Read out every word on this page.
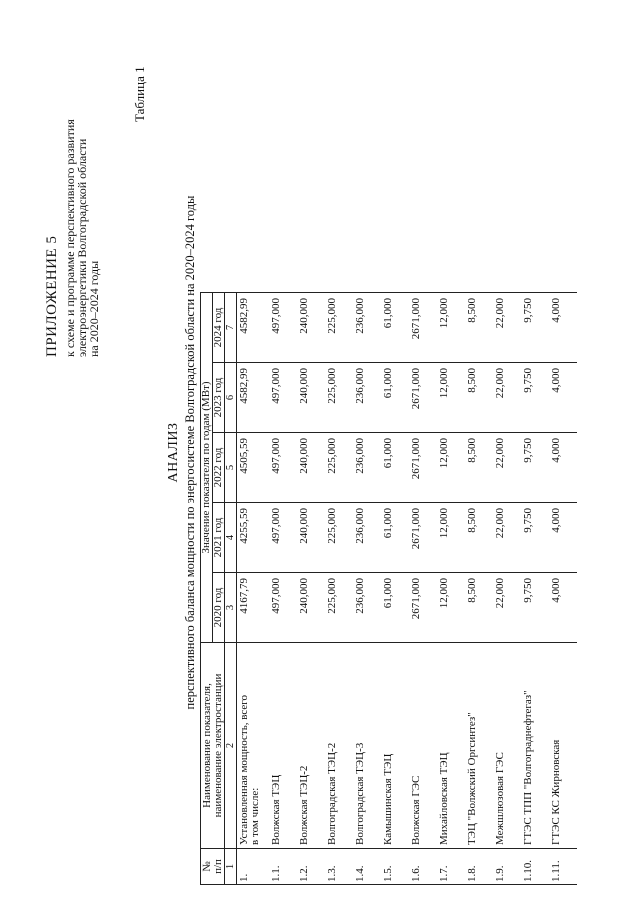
ПРИЛОЖЕНИЕ 5 к схеме и программе перспективного развития
электроэнергетики Волгоградской области
на 2020–2024 годы
Таблица 1
АНАЛИЗ перспективного баланса мощности по энергосистеме Волгоградской области на 2020–2024 годы
№
п/п	Наименование показателя,
наименование электростанции	Значение показателя по годам (МВт)				
		2020 год	2021 год	2022 год	2023 год	2024 год
1	2	3	4	5	6	7
1.	Установленная мощность, всего
в том числе:	4167,79	4255,59	4505,59	4582,99	4582,99
1.1.	Волжская ТЭЦ	497,000	497,000	497,000	497,000	497,000
1.2.	Волжская ТЭЦ-2	240,000	240,000	240,000	240,000	240,000
1.3.	Волгоградская ТЭЦ-2	225,000	225,000	225,000	225,000	225,000
1.4.	Волгоградская ТЭЦ-3	236,000	236,000	236,000	236,000	236,000
1.5.	Камышинская ТЭЦ	61,000	61,000	61,000	61,000	61,000
1.6.	Волжская ГЭС	2671,000	2671,000	2671,000	2671,000	2671,000
1.7.	Михайловская ТЭЦ	12,000	12,000	12,000	12,000	12,000
1.8.	ТЭЦ "Волжский Оргсинтез"	8,500	8,500	8,500	8,500	8,500
1.9.	Межшлюзовая ГЭС	22,000	22,000	22,000	22,000	22,000
1.10.	ГТЭС ТПП "Волгограднефтегаз"	9,750	9,750	9,750	9,750	9,750
1.11.	ГТЭС КС Жирновская	4,000	4,000	4,000	4,000	4,000
